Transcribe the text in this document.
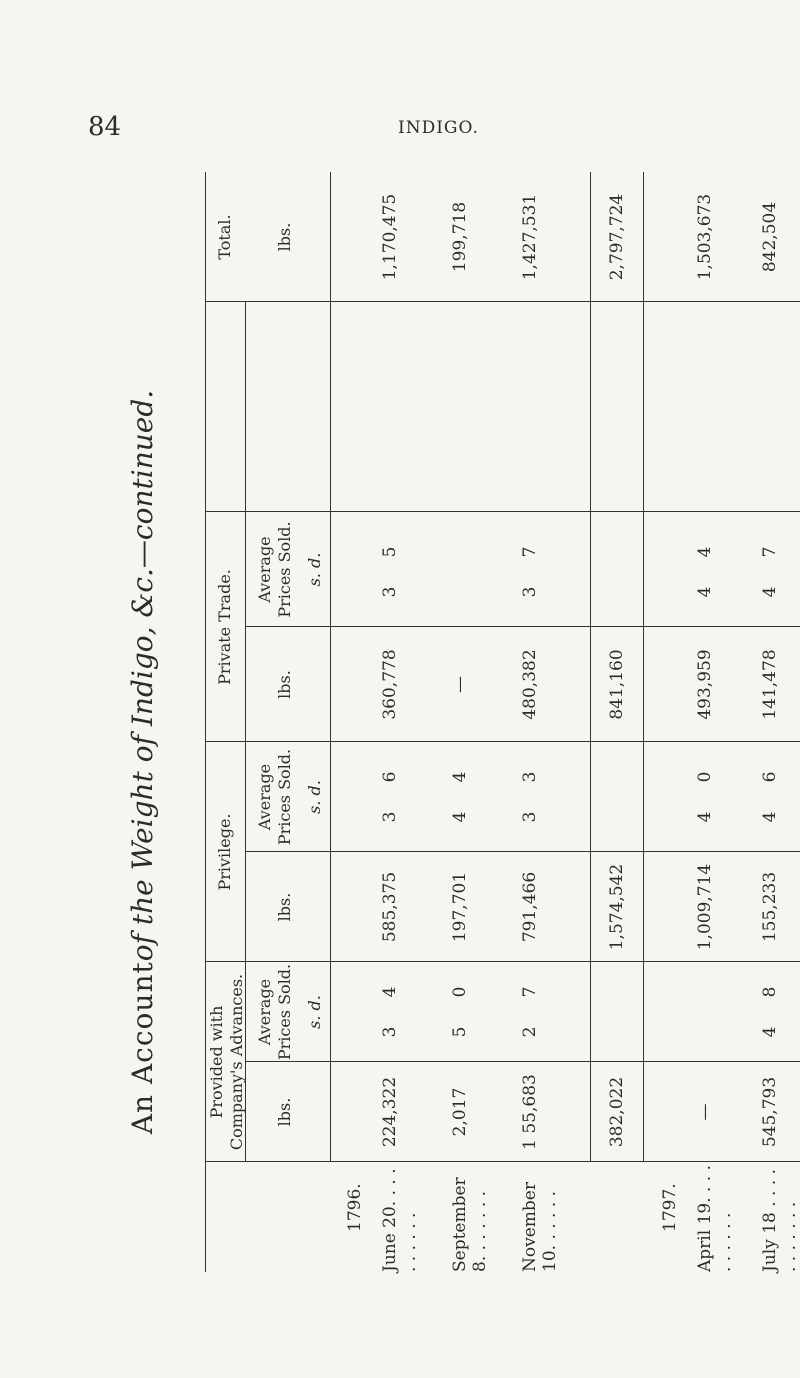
84	INDIGO.
An Account
of the Weight of Indigo, &c.—continued.
Provided with Company's Advances.
Privilege.
Private Trade.
Total.
lbs.
Average Prices Sold. s. d.
lbs.
Average Prices Sold. s. d.
lbs.
Average Prices Sold. s. d.
lbs.
1796. June 20. . . . . . . . . .
224,322
3
4
585,375
3
6
360,778
3
5
1,170,475
September 8. . . . . . .
2,017
5
0
197,701
4
4
—
199,718
November 10. . . . . .
1 55,683
2
7
791,466
3
3
480,382
3
7
1,427,531
382,022
1,574,542
841,160
2,797,724
1797. April 19. . . . . . . . . .
—
1,009,714
4
0
493,959
4
4
1,503,673
July 18 . . . . . . . . . . .
545,793
4
8
155,233
4
6
141,478
4
7
842,504
